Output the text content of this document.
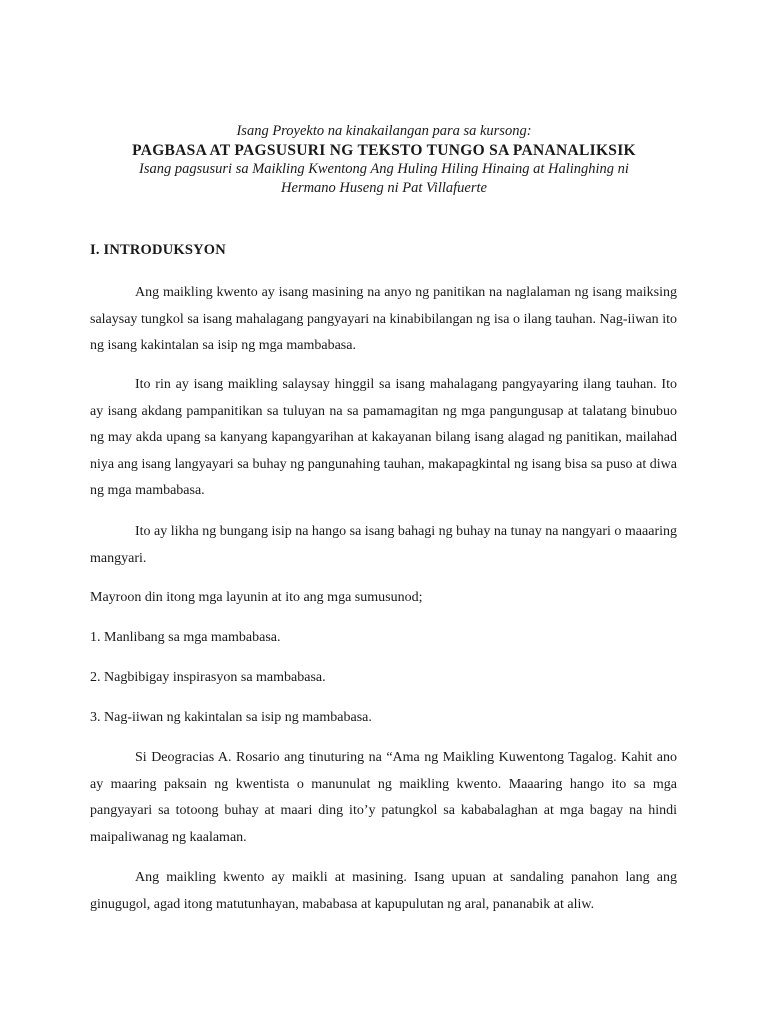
Isang Proyekto na kinakailangan para sa kursong:
PAGBASA AT PAGSUSURI NG TEKSTO TUNGO SA PANANALIKSIK
Isang pagsusuri sa Maikling Kwentong Ang Huling Hiling Hinaing at Halinghing ni
Hermano Huseng ni Pat Villafuerte
I. INTRODUKSYON
Ang maikling kwento ay isang masining na anyo ng panitikan na naglalaman ng isang maiksing salaysay tungkol sa isang mahalagang pangyayari na kinabibilangan ng isa o ilang tauhan. Nag-iiwan ito ng isang kakintalan sa isip ng mga mambabasa.
Ito rin ay isang maikling salaysay hinggil sa isang mahalagang pangyayaring ilang tauhan. Ito ay isang akdang pampanitikan sa tuluyan na sa pamamagitan ng mga pangungusap at talatang binubuo ng may akda upang sa kanyang kapangyarihan at kakayanan bilang isang alagad ng panitikan, mailahad niya ang isang langyayari sa buhay ng pangunahing tauhan, makapagkintal ng isang bisa sa puso at diwa ng mga mambabasa.
Ito ay likha ng bungang isip na hango sa isang bahagi ng buhay na tunay na nangyari o maaaring mangyari.
Mayroon din itong mga layunin at ito ang mga sumusunod;
1. Manlibang sa mga mambabasa.
2. Nagbibigay inspirasyon sa mambabasa.
3. Nag-iiwan ng kakintalan sa isip ng mambabasa.
Si Deogracias A. Rosario ang tinuturing na “Ama ng Maikling Kuwentong Tagalog. Kahit ano ay maaring paksain ng kwentista o manunulat ng maikling kwento. Maaaring hango ito sa mga pangyayari sa totoong buhay at maari ding ito’y patungkol sa kababalaghan at mga bagay na hindi maipaliwanag ng kaalaman.
Ang maikling kwento ay maikli at masining. Isang upuan at sandaling panahon lang ang ginugugol, agad itong matutunhayan, mababasa at kapupulutan ng aral, pananabik at aliw.
